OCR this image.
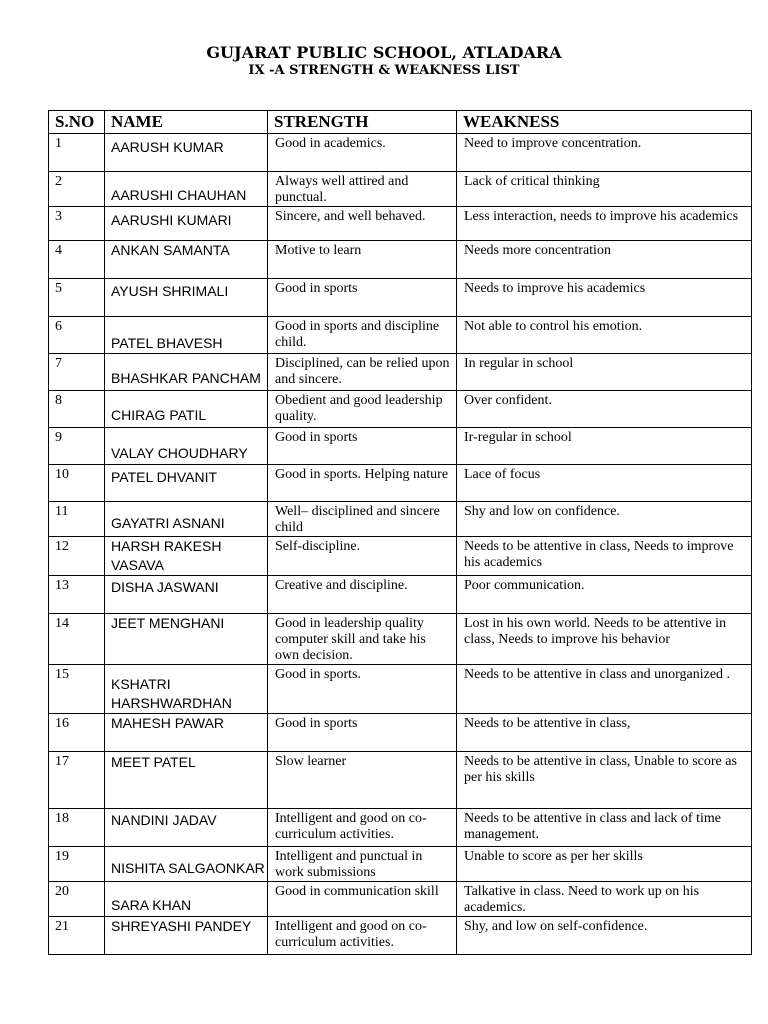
GUJARAT PUBLIC SCHOOL, ATLADARA
IX -A STRENGTH & WEAKNESS LIST
S.NO	NAME	STRENGTH	WEAKNESS
1	AARUSH KUMAR	Good in academics.	Need to improve concentration.
2	AARUSHI CHAUHAN	Always well attired and punctual.	Lack of critical thinking
3	AARUSHI KUMARI	Sincere, and well behaved.	Less interaction, needs to improve his academics
4	ANKAN SAMANTA	Motive to learn	Needs more concentration
5	AYUSH SHRIMALI	Good in sports	Needs to improve his academics
6	PATEL BHAVESH	Good in sports and discipline child.	Not able to control his emotion.
7	BHASHKAR PANCHAM	Disciplined, can be relied upon and sincere.	In regular in school
8	CHIRAG PATIL	Obedient and good leadership quality.	Over confident.
9	VALAY CHOUDHARY	Good in sports	Ir-regular in school
10	PATEL DHVANIT	Good in sports. Helping nature	Lace of focus
11	GAYATRI ASNANI	Well– disciplined and sincere child	Shy and low on confidence.
12	HARSH RAKESH VASAVA	Self-discipline.	Needs to be attentive in class, Needs to improve his academics
13	DISHA JASWANI	Creative and discipline.	Poor communication.
14	JEET MENGHANI	Good in leadership quality computer skill and take his own decision.	Lost in his own world. Needs to be attentive in class, Needs to improve his behavior
15	KSHATRI HARSHWARDHAN	Good in sports.	Needs to be attentive in class and unorganized .
16	MAHESH PAWAR	Good in sports	Needs to be attentive in class,
17	MEET PATEL	Slow learner	Needs to be attentive in class, Unable to score as per his skills
18	NANDINI JADAV	Intelligent and good on co-curriculum activities.	Needs to be attentive in class and lack of time management.
19	NISHITA SALGAONKAR	Intelligent and punctual in work submissions	Unable to score as per her skills
20	SARA KHAN	Good in communication skill	Talkative in class. Need to work up on his academics.
21	SHREYASHI PANDEY	Intelligent and good on co-curriculum activities.	Shy, and low on self-confidence.
